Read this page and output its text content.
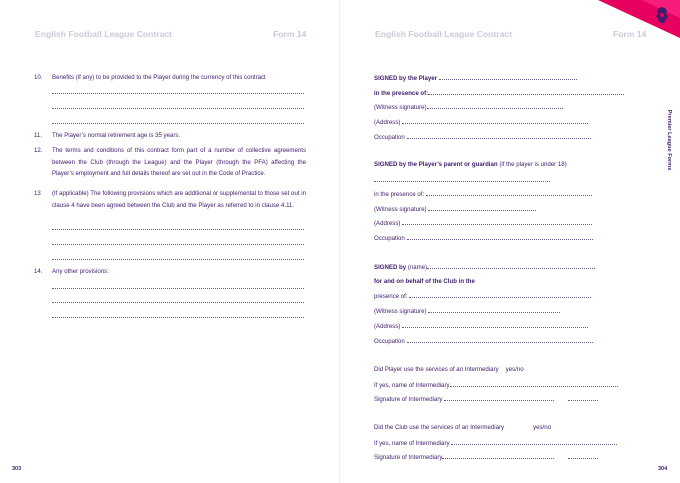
English Football League Contract	Form 14
10. Benefits (if any) to be provided to the Player during the currency of this contract
11. The Player’s normal retirement age is 35 years.
12. The terms and conditions of this contract form part of a number of collective agreements between the Club (through the League) and the Player (through the PFA) affecting the Player’s employment and full details thereof are set out in the Code of Practice.
13 (If applicable) The following provisions which are additional or supplemental to those set out in clause 4 have been agreed between the Club and the Player as referred to in clause 4.11.
14. Any other provisions:
303
English Football League Contract	Form 14
SIGNED by the Player
in the presence of:
(Witness signature)
(Address)
Occupation
SIGNED by the Player’s parent or guardian (if the player is under 18)
in the presence of:
(Witness signature)
(Address)
Occupation
SIGNED by (name)
for and on behalf of the Club in the
presence of:
(Witness signature)
(Address)
Occupation
Did Player use the services of an Intermediary yes/no
If yes, name of Intermediary
Signature of Intermediary
Did the Club use the services of an Intermediary	yes/no
If yes, name of Intermediary
Signature of Intermediary
304
Premier League Forms
